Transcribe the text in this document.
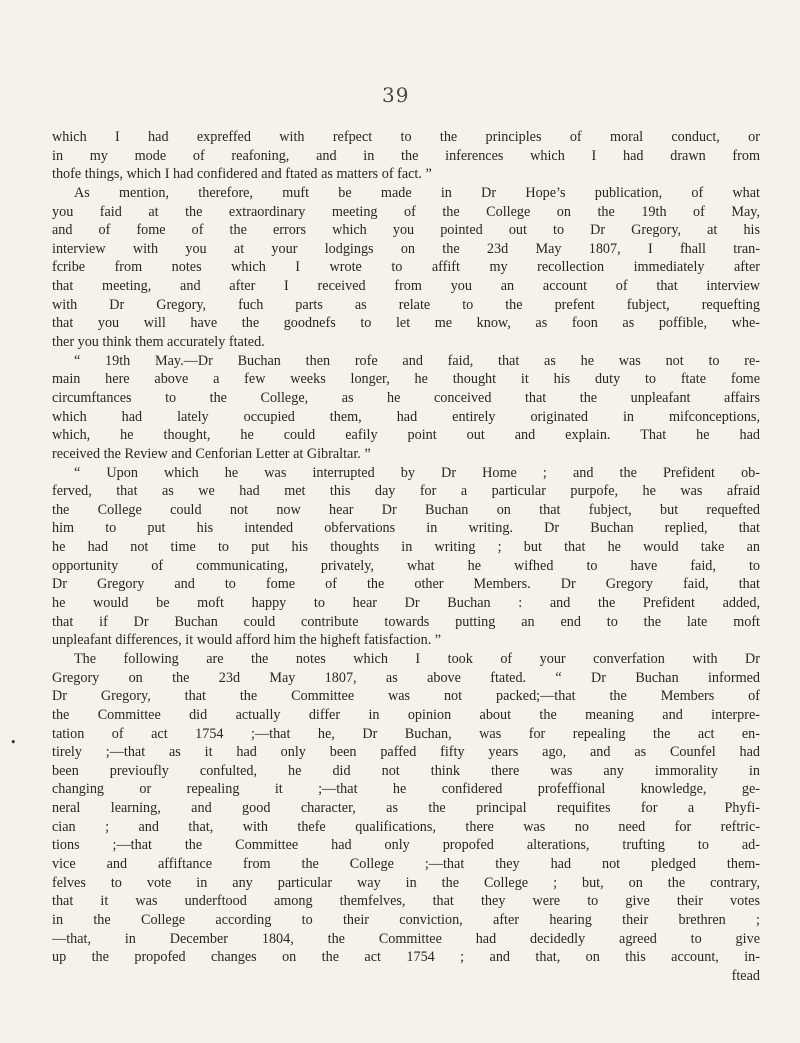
39
•
which I had expreffed with refpect to the principles of moral conduct, or
in my mode of reafoning, and in the inferences which I had drawn from
thofe things, which I had confidered and ftated as matters of fact. ”
As mention, therefore, muft be made in Dr Hope’s publication, of what
you faid at the extraordinary meeting of the College on the 19th of May,
and of fome of the errors which you pointed out to Dr Gregory, at his
interview with you at your lodgings on the 23d May 1807, I fhall tran-
fcribe from notes which I wrote to affift my recollection immediately after
that meeting, and after I received from you an account of that interview
with Dr Gregory, fuch parts as relate to the prefent fubject, requefting
that you will have the goodnefs to let me know, as foon as poffible, whe-
ther you think them accurately ftated.
“ 19th May.—Dr Buchan then rofe and faid, that as he was not to re-
main here above a few weeks longer, he thought it his duty to ftate fome
circumftances to the College, as he conceived that the unpleafant affairs
which had lately occupied them, had entirely originated in mifconceptions,
which, he thought, he could eafily point out and explain. That he had
received the Review and Cenforian Letter at Gibraltar. ”
“ Upon which he was interrupted by Dr Home ; and the Prefident ob-
ferved, that as we had met this day for a particular purpofe, he was afraid
the College could not now hear Dr Buchan on that fubject, but requefted
him to put his intended obfervations in writing. Dr Buchan replied, that
he had not time to put his thoughts in writing ; but that he would take an
opportunity of communicating, privately, what he wifhed to have faid, to
Dr Gregory and to fome of the other Members. Dr Gregory faid, that
he would be moft happy to hear Dr Buchan : and the Prefident added,
that if Dr Buchan could contribute towards putting an end to the late moft
unpleafant differences, it would afford him the higheft fatisfaction. ”
The following are the notes which I took of your converfation with Dr
Gregory on the 23d May 1807, as above ftated. “ Dr Buchan informed
Dr Gregory, that the Committee was not packed;—that the Members of
the Committee did actually differ in opinion about the meaning and interpre-
tation of act 1754 ;—that he, Dr Buchan, was for repealing the act en-
tirely ;—that as it had only been paffed fifty years ago, and as Counfel had
been previoufly confulted, he did not think there was any immorality in
changing or repealing it ;—that he confidered profeffional knowledge, ge-
neral learning, and good character, as the principal requifites for a Phyfi-
cian ; and that, with thefe qualifications, there was no need for reftric-
tions ;—that the Committee had only propofed alterations, trufting to ad-
vice and affiftance from the College ;—that they had not pledged them-
felves to vote in any particular way in the College ; but, on the contrary,
that it was underftood among themfelves, that they were to give their votes
in the College according to their conviction, after hearing their brethren ;
—that, in December 1804, the Committee had decidedly agreed to give
up the propofed changes on the act 1754 ; and that, on this account, in-
ftead
